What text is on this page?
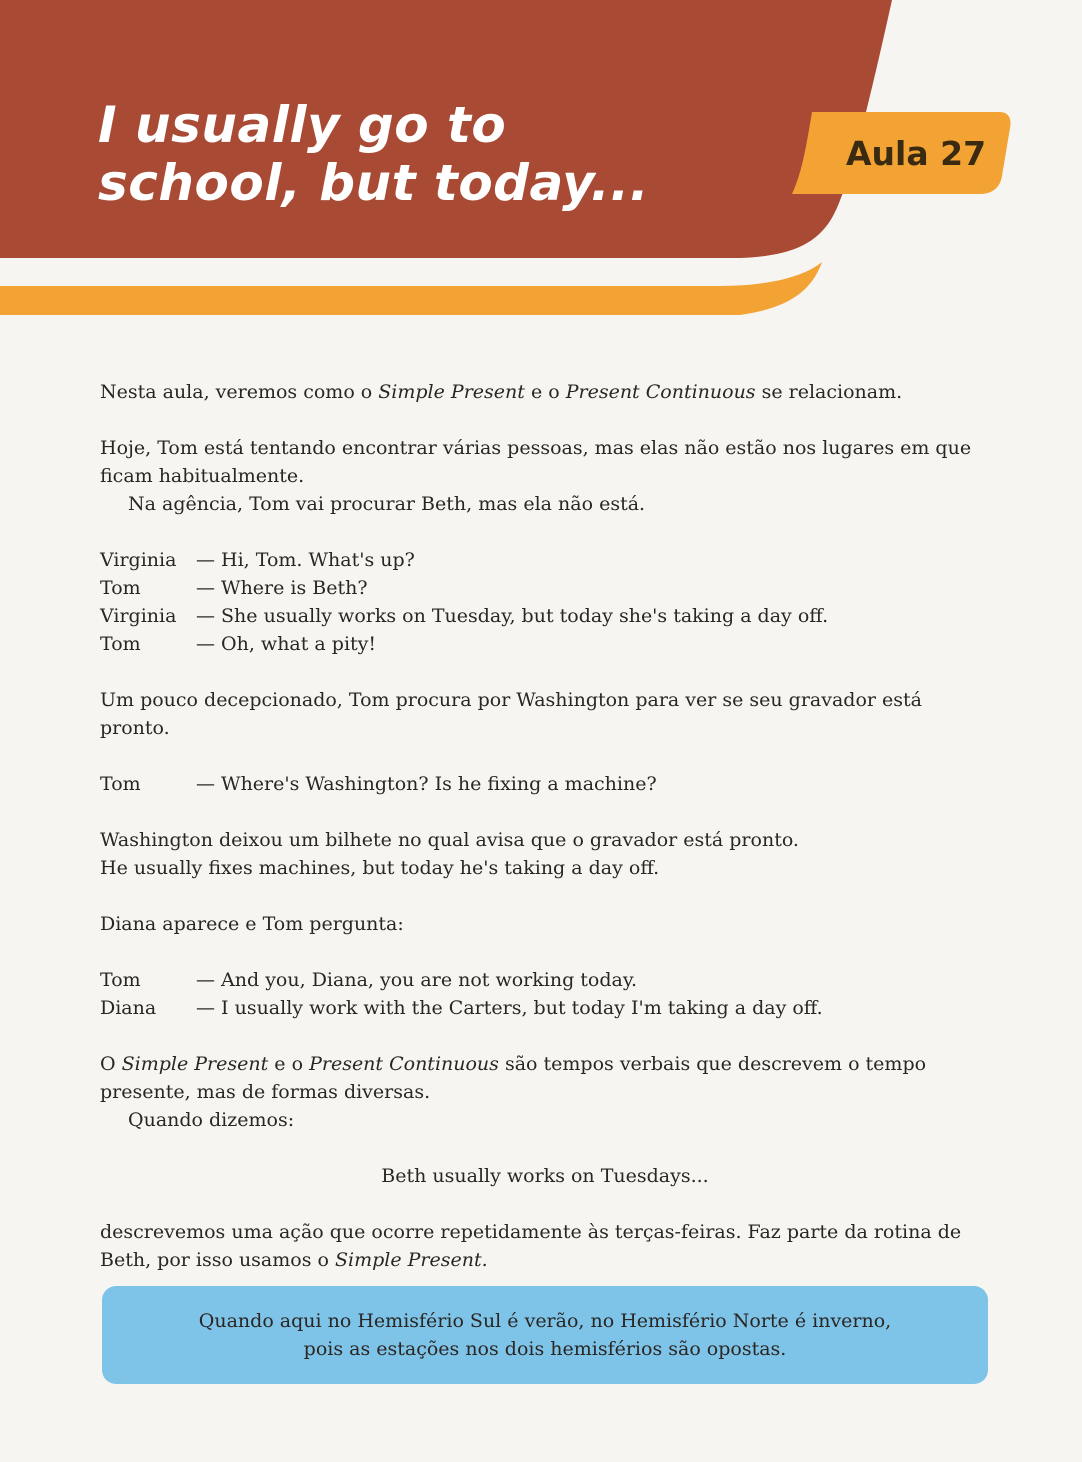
I usually go to
school, but today...
Aula 27

Nesta aula, veremos como o Simple Present e o Present Continuous se relacionam.

Hoje, Tom está tentando encontrar várias pessoas, mas elas não estão nos lugares em que ficam habitualmente.

Na agência, Tom vai procurar Beth, mas ela não está.

Virginia	— Hi, Tom. What's up?
Tom	— Where is Beth?
Virginia	— She usually works on Tuesday, but today she's taking a day off.
Tom	— Oh, what a pity!

Um pouco decepcionado, Tom procura por Washington para ver se seu gravador está pronto.

Tom	— Where's Washington? Is he fixing a machine?

Washington deixou um bilhete no qual avisa que o gravador está pronto.

He usually fixes machines, but today he's taking a day off.

Diana aparece e Tom pergunta:

Tom	— And you, Diana, you are not working today.
Diana	— I usually work with the Carters, but today I'm taking a day off.

O Simple Present e o Present Continuous são tempos verbais que descrevem o tempo presente, mas de formas diversas.

Quando dizemos:

Beth usually works on Tuesdays...

descrevemos uma ação que ocorre repetidamente às terças-feiras. Faz parte da rotina de Beth, por isso usamos o Simple Present.

Quando aqui no Hemisfério Sul é verão, no Hemisfério Norte é inverno,
pois as estações nos dois hemisférios são opostas.
